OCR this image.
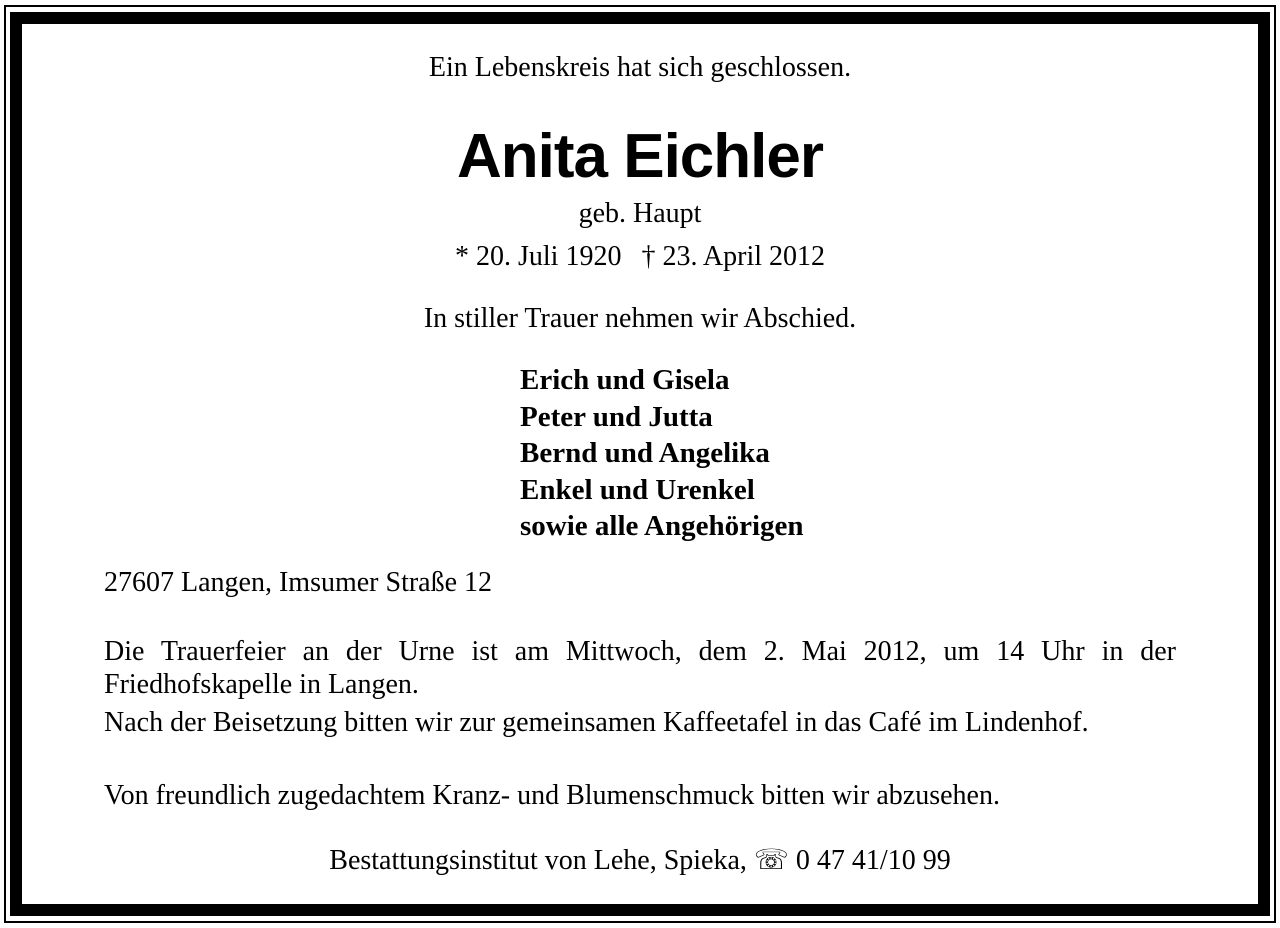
Ein Lebenskreis hat sich geschlossen.
Anita Eichler
geb. Haupt
* 20. Juli 1920 † 23. April 2012
In stiller Trauer nehmen wir Abschied.
Erich und Gisela
Peter und Jutta
Bernd und Angelika
Enkel und Urenkel
sowie alle Angehörigen
27607 Langen, Imsumer Straße 12
Die Trauerfeier an der Urne ist am Mittwoch, dem 2. Mai 2012, um 14 Uhr in der Friedhofskapelle in Langen.
Nach der Beisetzung bitten wir zur gemeinsamen Kaffeetafel in das Café im Lindenhof.
Von freundlich zugedachtem Kranz- und Blumenschmuck bitten wir abzusehen.
Bestattungsinstitut von Lehe, Spieka, ☏ 0 47 41/10 99
